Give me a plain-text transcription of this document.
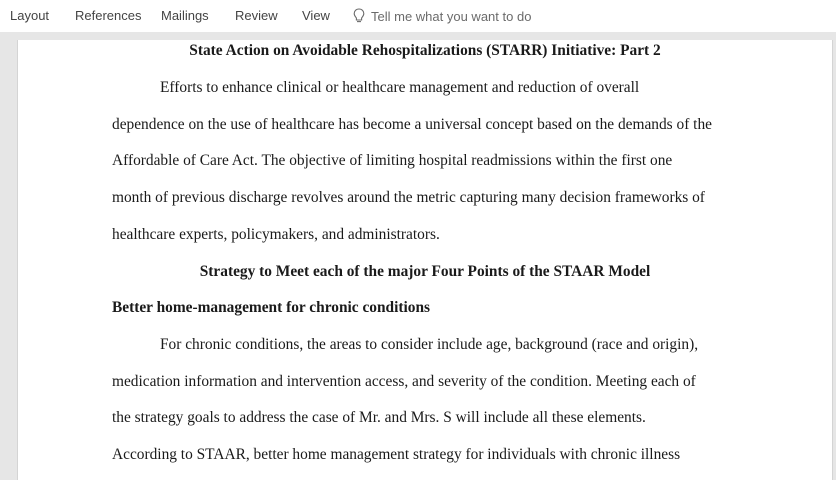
Layout References Mailings Review View	Tell me what you want to do
State Action on Avoidable Rehospitalizations (STARR) Initiative: Part 2
Efforts to enhance clinical or healthcare management and reduction of overall
dependence on the use of healthcare has become a universal concept based on the demands of the
Affordable of Care Act. The objective of limiting hospital readmissions within the first one
month of previous discharge revolves around the metric capturing many decision frameworks of
healthcare experts, policymakers, and administrators.
Strategy to Meet each of the major Four Points of the STAAR Model
Better home-management for chronic conditions
For chronic conditions, the areas to consider include age, background (race and origin),
medication information and intervention access, and severity of the condition. Meeting each of
the strategy goals to address the case of Mr. and Mrs. S will include all these elements.
According to STAAR, better home management strategy for individuals with chronic illness
